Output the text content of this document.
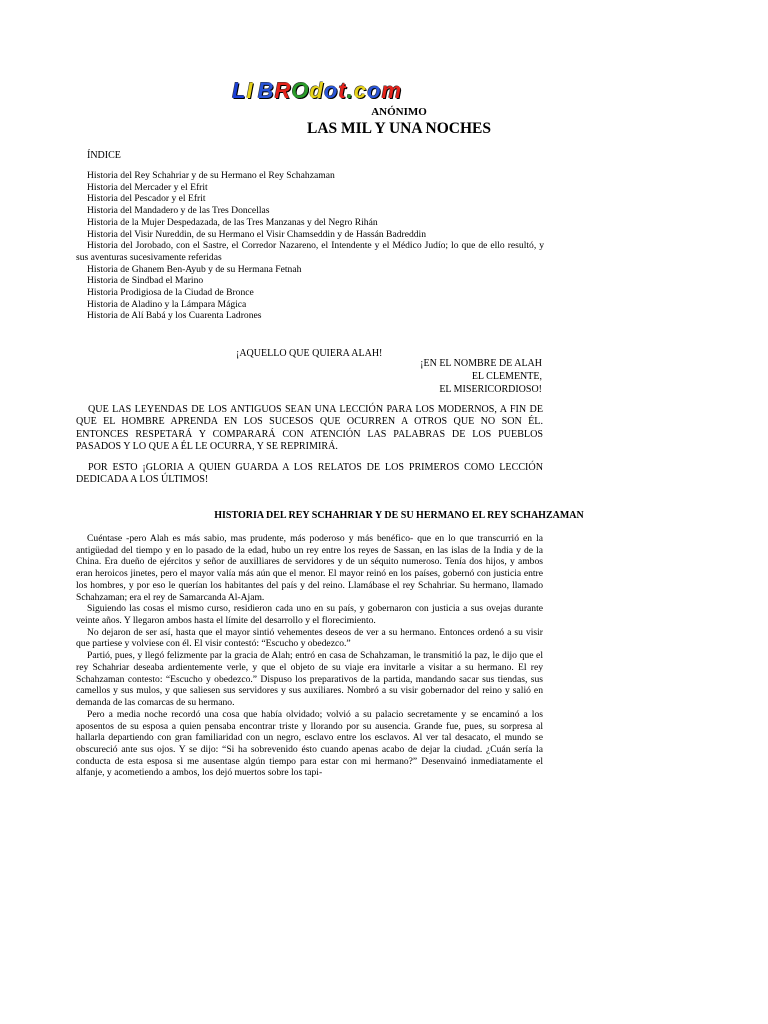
LI BROdot.com
ANÓNIMO
LAS MIL Y UNA NOCHES
ÍNDICE
Historia del Rey Schahriar y de su Hermano el Rey Schahzaman
Historia del Mercader y el Efrit
Historia del Pescador y el Efrit
Historia del Mandadero y de las Tres Doncellas
Historia de la Mujer Despedazada, de las Tres Manzanas y del Negro Rihán
Historia del Visir Nureddin, de su Hermano el Visir Chamseddin y de Hassán Badreddin
Historia del Jorobado, con el Sastre, el Corredor Nazareno, el Intendente y el Médico Judío; lo que de ello resultó, y sus aventuras sucesivamente referidas
Historia de Ghanem Ben-Ayub y de su Hermana Fetnah
Historia de Sindbad el Marino
Historia Prodigiosa de la Ciudad de Bronce
Historia de Aladino y la Lámpara Mágica
Historia de Alí Babá y los Cuarenta Ladrones
¡AQUELLO QUE QUIERA ALAH!
¡EN EL NOMBRE DE ALAH
EL CLEMENTE,
EL MISERICORDIOSO!
QUE LAS LEYENDAS DE LOS ANTIGUOS SEAN UNA LECCIÓN PARA LOS MODERNOS, A FIN DE QUE EL HOMBRE APRENDA EN LOS SUCESOS QUE OCURREN A OTROS QUE NO SON ÉL. ENTONCES RESPETARÁ Y COMPARARÁ CON ATENCIÓN LAS PALABRAS DE LOS PUEBLOS PASADOS Y LO QUE A ÉL LE OCURRA, Y SE REPRIMIRÁ.
POR ESTO ¡GLORIA A QUIEN GUARDA A LOS RELATOS DE LOS PRIMEROS COMO LECCIÓN DEDICADA A LOS ÚLTIMOS!
HISTORIA DEL REY SCHAHRIAR Y DE SU HERMANO EL REY SCHAHZAMAN

Cuéntase -pero Alah es más sabio, mas prudente, más poderoso y más benéfico- que en lo que transcurrió en la antigüedad del tiempo y en lo pasado de la edad, hubo un rey entre los reyes de Sassan, en las islas de la India y de la China. Era dueño de ejércitos y señor de auxilliares de servidores y de un séquito numeroso. Tenía dos hijos, y ambos eran heroicos jinetes, pero el mayor valía más aún que el menor. El mayor reinó en los países, gobernó con justicia entre los hombres, y por eso le querían los habitantes del país y del reino. Llamábase el rey Schahriar. Su hermano, llamado Schahzaman; era el rey de Samarcanda Al-Ajam.

Siguiendo las cosas el mismo curso, residieron cada uno en su país, y gobernaron con justicia a sus ovejas durante veinte años. Y llegaron ambos hasta el límite del desarrollo y el florecimiento.

No dejaron de ser así, hasta que el mayor sintió vehementes deseos de ver a su hermano. Entonces ordenó a su visir que partiese y volviese con él. El visir contestó: “Escucho y obedezco.”

Partió, pues, y llegó felizmente par la gracia de Alah; entró en casa de Schahzaman, le transmitió la paz, le dijo que el rey Schahriar deseaba ardientemente verle, y que el objeto de su viaje era invitarle a visitar a su hermano. El rey Schahzaman contesto: “Escucho y obedezco.” Dispuso los preparativos de la partida, mandando sacar sus tiendas, sus camellos y sus mulos, y que saliesen sus servidores y sus auxiliares. Nombró a su visir gobernador del reino y salió en demanda de las comarcas de su hermano.

Pero a media noche recordó una cosa que había olvidado; volvió a su palacio secretamente y se encaminó a los aposentos de su esposa a quien pensaba encontrar triste y llorando por su ausencia. Grande fue, pues, su sorpresa al hallarla departiendo con gran familiaridad con un negro, esclavo entre los esclavos. Al ver tal desacato, el mundo se obscureció ante sus ojos. Y se dijo: “Si ha sobrevenido ésto cuando apenas acabo de dejar la ciudad. ¿Cuán sería la conducta de esta esposa si me ausentase algún tiempo para estar con mi hermano?” Desenvainó inmediatamente el alfanje, y acometiendo a ambos, los dejó muertos sobre los tapi-
